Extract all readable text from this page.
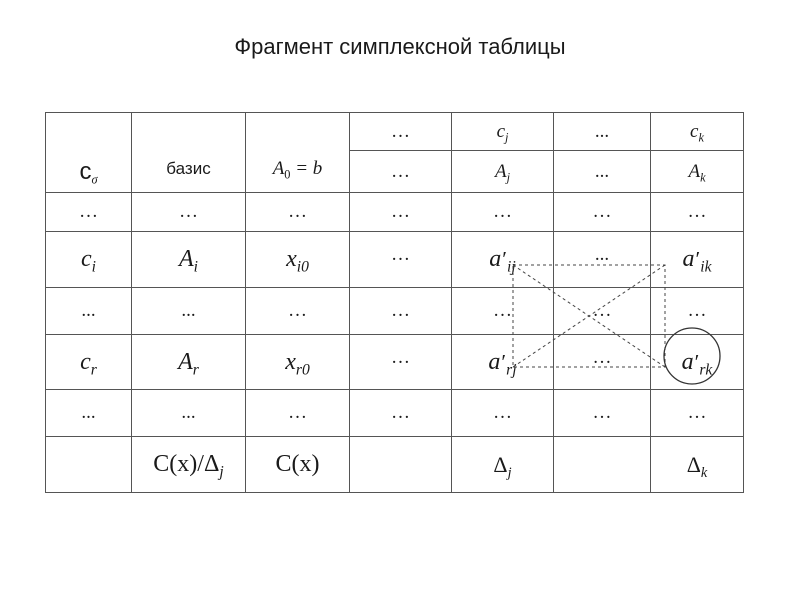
Фрагмент симплексной таблицы
$c_\sigma$	базис	$A_0 = b$	…	$c_j$	...	$c_k$
			…	$A_j$	...	$A_k$
…	…	…	…	…	…	…
$c_i$	$A_i$	$x_{i0}$	…	$a'_{ij}$	...	$a'_{ik}$
...	...	…	…	…	…	…
$c_r$	$A_r$	$x_{r0}$	…	$a'_{rj}$	…	$a'_{rk}$
...	...	…	…	…	…	…
	$C(x)/\Delta_j$	C(x)		$\Delta_j$		$\Delta_k$
